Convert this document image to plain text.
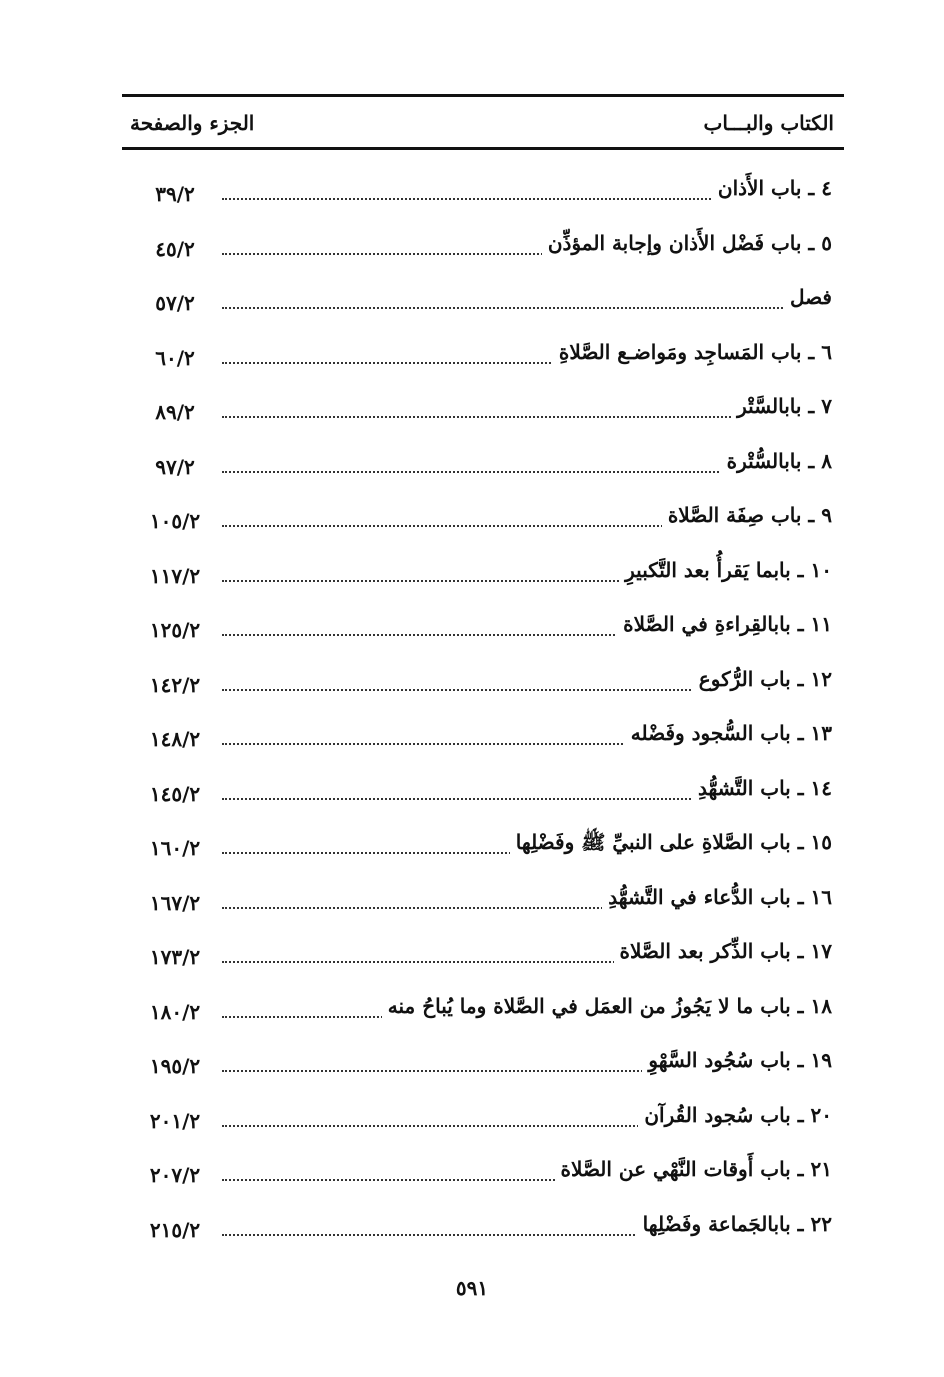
الكتاب والبـــاب
الجزء والصفحة
٤ ـ باب الأَذان
٣٩/٢
٥ ـ باب فَضْل الأَذان وإجابة المؤذِّن
٤٥/٢
فصل
٥٧/٢
٦ ـ باب المَساجِد ومَواضـع الصَّلاةِ
٦٠/٢
٧ ـ بابالسَّتْر
٨٩/٢
٨ ـ بابالسُّتْرة
٩٧/٢
٩ ـ باب صِفَة الصَّلاة
١٠٥/٢
١٠ ـ بابما يَقرأُ بعد التَّكبيرِ
١١٧/٢
١١ ـ بابالقِراءةِ في الصَّلاة
١٢٥/٢
١٢ ـ باب الرُّكوع
١٤٢/٢
١٣ ـ باب السُّجود وفَضْله
١٤٨/٢
١٤ ـ باب التَّشهُّدِ
١٤٥/٢
١٥ ـ باب الصَّلاةِ على النبيِّ ﷺ وفَضْلِها
١٦٠/٢
١٦ ـ باب الدُّعاء في التَّشهُّدِ
١٦٧/٢
١٧ ـ باب الذِّكر بعد الصَّلاة
١٧٣/٢
١٨ ـ باب ما لا يَجُوزُ من العمَل في الصَّلاة وما يُباحُ منه
١٨٠/٢
١٩ ـ باب سُجُود السَّهْوِ
١٩٥/٢
٢٠ ـ باب سُجود القُرآن
٢٠١/٢
٢١ ـ باب أَوقات النَّهْي عن الصَّلاة
٢٠٧/٢
٢٢ ـ بابالجَماعة وفَضْلِها
٢١٥/٢
٥٩١
